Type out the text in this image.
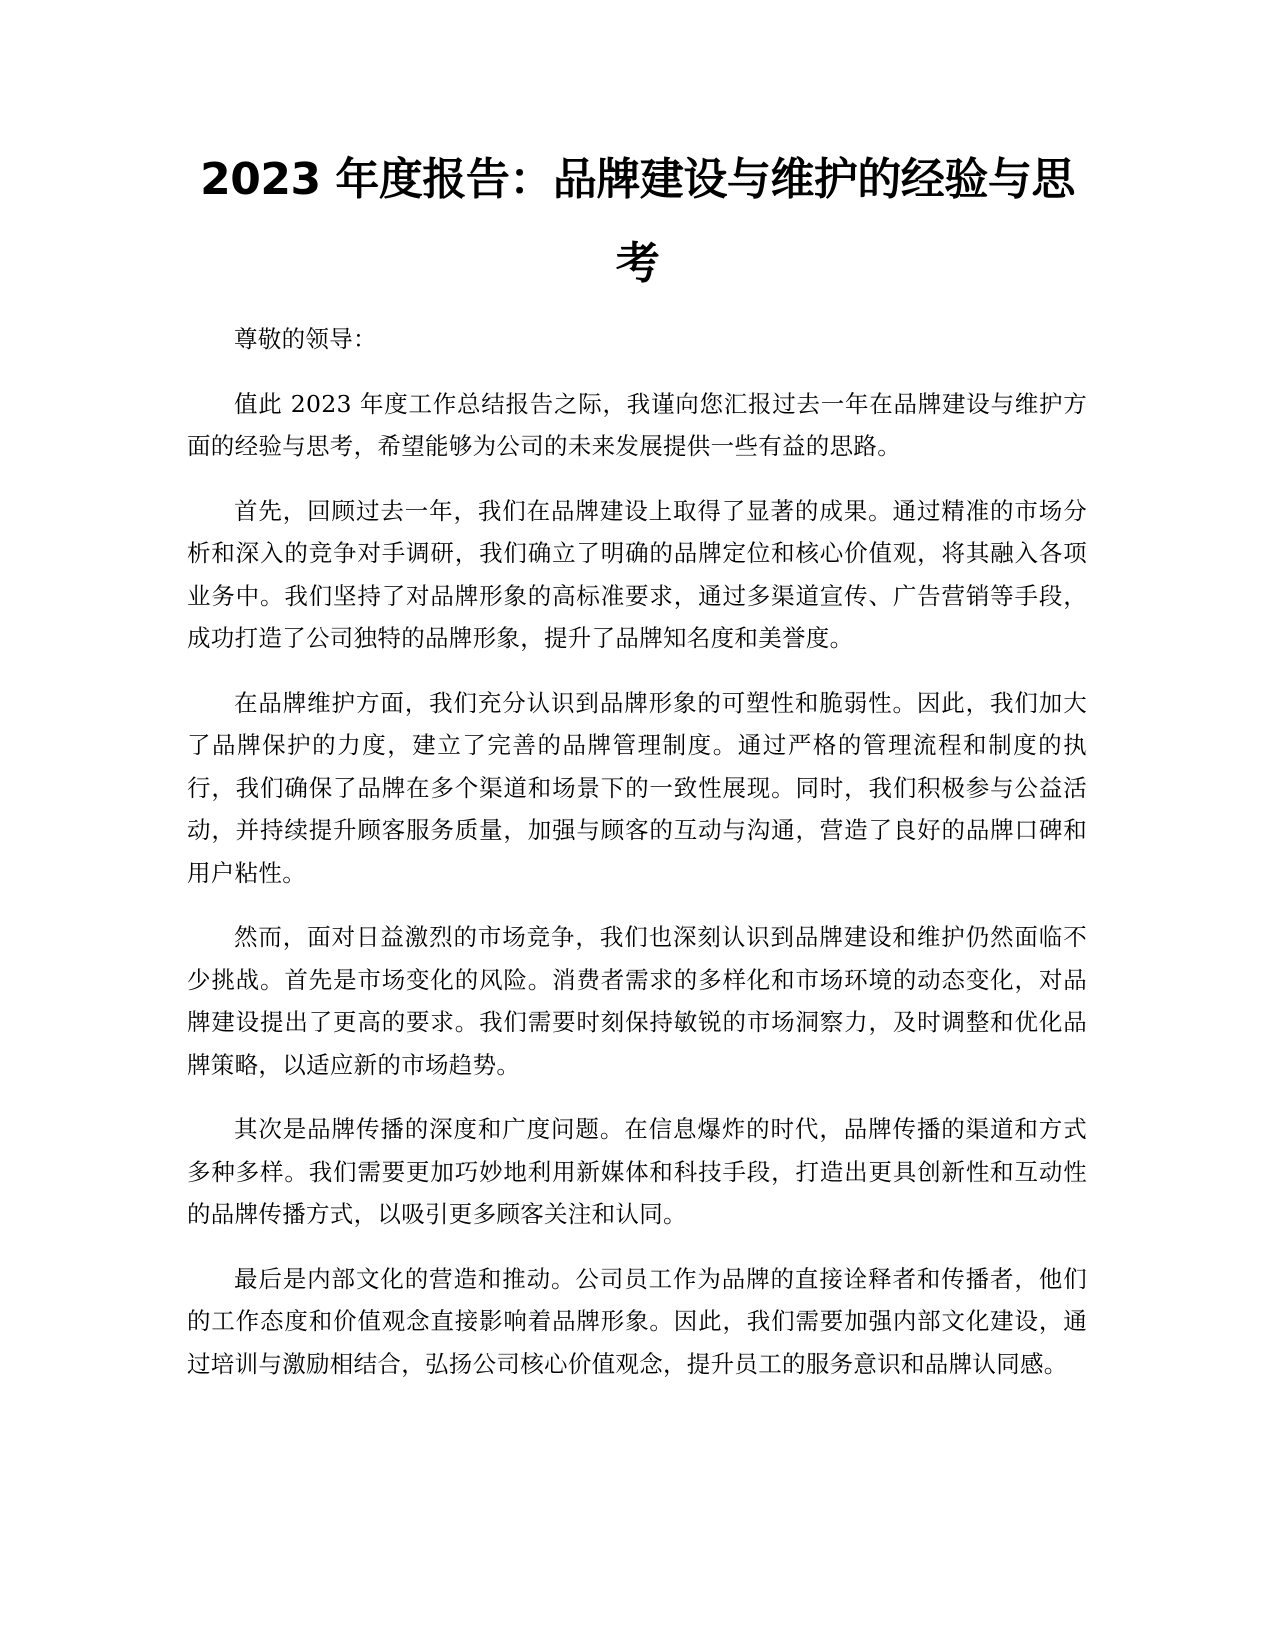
2023 年度报告：品牌建设与维护的经验与思考

尊敬的领导：

值此 2023 年度工作总结报告之际，我谨向您汇报过去一年在品牌建设与维护方面的经验与思考，希望能够为公司的未来发展提供一些有益的思路。

首先，回顾过去一年，我们在品牌建设上取得了显著的成果。通过精准的市场分析和深入的竞争对手调研，我们确立了明确的品牌定位和核心价值观，将其融入各项业务中。我们坚持了对品牌形象的高标准要求，通过多渠道宣传、广告营销等手段，成功打造了公司独特的品牌形象，提升了品牌知名度和美誉度。

在品牌维护方面，我们充分认识到品牌形象的可塑性和脆弱性。因此，我们加大了品牌保护的力度，建立了完善的品牌管理制度。通过严格的管理流程和制度的执行，我们确保了品牌在多个渠道和场景下的一致性展现。同时，我们积极参与公益活动，并持续提升顾客服务质量，加强与顾客的互动与沟通，营造了良好的品牌口碑和用户粘性。

然而，面对日益激烈的市场竞争，我们也深刻认识到品牌建设和维护仍然面临不少挑战。首先是市场变化的风险。消费者需求的多样化和市场环境的动态变化，对品牌建设提出了更高的要求。我们需要时刻保持敏锐的市场洞察力，及时调整和优化品牌策略，以适应新的市场趋势。

其次是品牌传播的深度和广度问题。在信息爆炸的时代，品牌传播的渠道和方式多种多样。我们需要更加巧妙地利用新媒体和科技手段，打造出更具创新性和互动性的品牌传播方式，以吸引更多顾客关注和认同。

最后是内部文化的营造和推动。公司员工作为品牌的直接诠释者和传播者，他们的工作态度和价值观念直接影响着品牌形象。因此，我们需要加强内部文化建设，通过培训与激励相结合，弘扬公司核心价值观念，提升员工的服务意识和品牌认同感。
